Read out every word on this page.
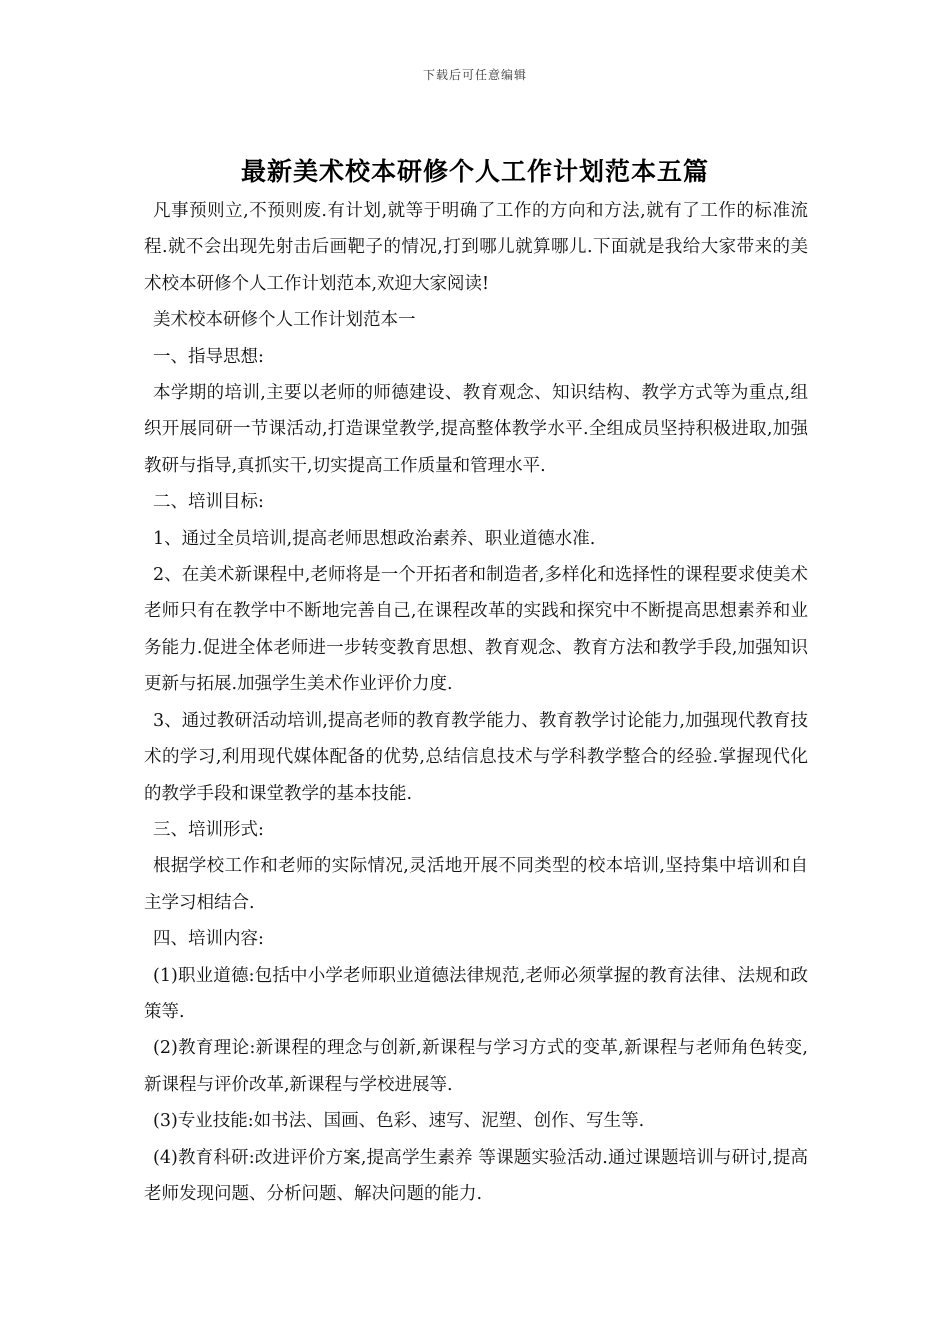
下载后可任意编辑
最新美术校本研修个人工作计划范本五篇

凡事预则立,不预则废.有计划,就等于明确了工作的方向和方法,就有了工作的标准流程.就不会出现先射击后画靶子的情况,打到哪儿就算哪儿.下面就是我给大家带来的美术校本研修个人工作计划范本,欢迎大家阅读!

美术校本研修个人工作计划范本一

一、指导思想:

本学期的培训,主要以老师的师德建设、教育观念、知识结构、教学方式等为重点,组织开展同研一节课活动,打造课堂教学,提高整体教学水平.全组成员坚持积极进取,加强教研与指导,真抓实干,切实提高工作质量和管理水平.

二、培训目标:

1、通过全员培训,提高老师思想政治素养、职业道德水准.

2、在美术新课程中,老师将是一个开拓者和制造者,多样化和选择性的课程要求使美术老师只有在教学中不断地完善自己,在课程改革的实践和探究中不断提高思想素养和业务能力.促进全体老师进一步转变教育思想、教育观念、教育方法和教学手段,加强知识更新与拓展.加强学生美术作业评价力度.

3、通过教研活动培训,提高老师的教育教学能力、教育教学讨论能力,加强现代教育技术的学习,利用现代媒体配备的优势,总结信息技术与学科教学整合的经验.掌握现代化的教学手段和课堂教学的基本技能.

三、培训形式:

根据学校工作和老师的实际情况,灵活地开展不同类型的校本培训,坚持集中培训和自主学习相结合.

四、培训内容:

(1)职业道德:包括中小学老师职业道德法律规范,老师必须掌握的教育法律、法规和政策等.

(2)教育理论:新课程的理念与创新,新课程与学习方式的变革,新课程与老师角色转变,新课程与评价改革,新课程与学校进展等.

(3)专业技能:如书法、国画、色彩、速写、泥塑、创作、写生等.

(4)教育科研:改进评价方案,提高学生素养 等课题实验活动.通过课题培训与研讨,提高老师发现问题、分析问题、解决问题的能力.
